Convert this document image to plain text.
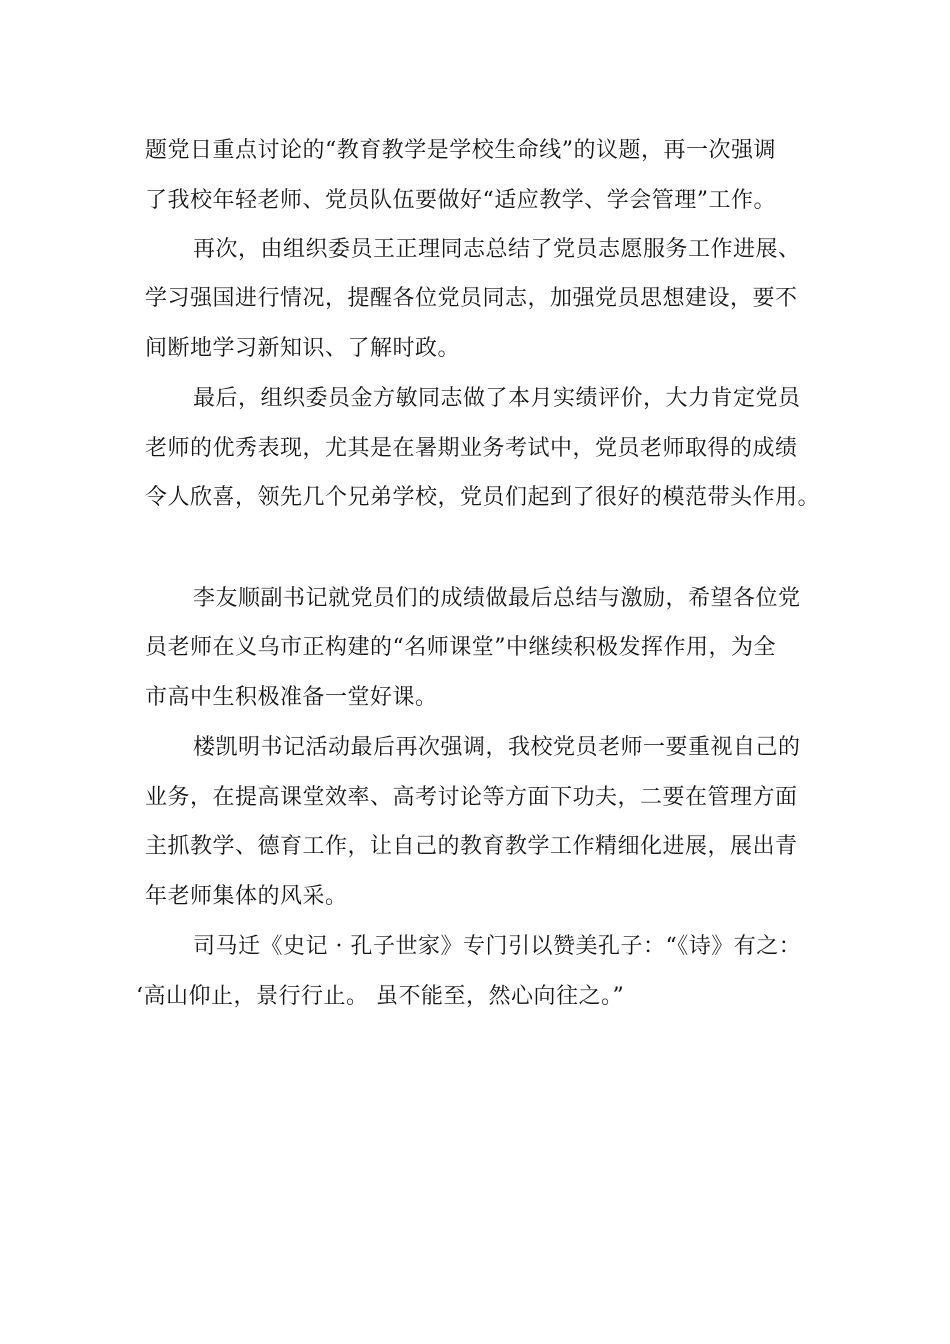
题党日重点讨论的“教育教学是学校生命线”的议题，再一次强调
了我校年轻老师、党员队伍要做好“适应教学、学会管理”工作。
再次，由组织委员王正理同志总结了党员志愿服务工作进展、
学习强国进行情况，提醒各位党员同志，加强党员思想建设，要不
间断地学习新知识、了解时政。
最后，组织委员金方敏同志做了本月实绩评价，大力肯定党员
老师的优秀表现，尤其是在暑期业务考试中，党员老师取得的成绩
令人欣喜，领先几个兄弟学校，党员们起到了很好的模范带头作用。
李友顺副书记就党员们的成绩做最后总结与激励，希望各位党
员老师在义乌市正构建的“名师课堂”中继续积极发挥作用，为全
市高中生积极准备一堂好课。
楼凯明书记活动最后再次强调，我校党员老师一要重视自己的
业务，在提高课堂效率、高考讨论等方面下功夫，二要在管理方面
主抓教学、德育工作，让自己的教育教学工作精细化进展，展出青
年老师集体的风采。
司马迁《史记 · 孔子世家》专门引以赞美孔子：“《诗》有之：
‘高山仰止，景行行止。 虽不能至，然心向往之。”
